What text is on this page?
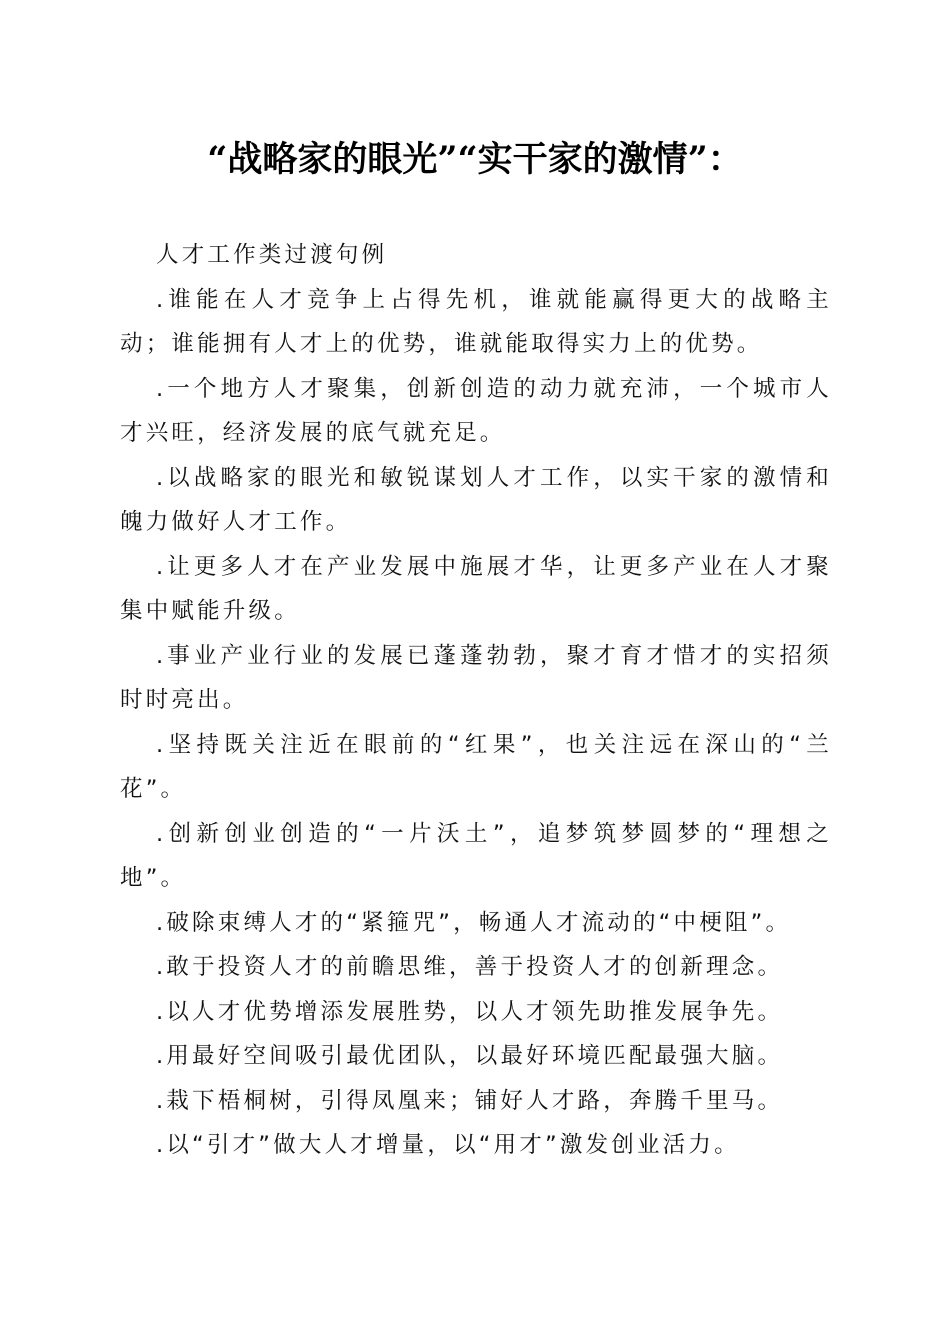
“战略家的眼光”“实干家的激情”：

人才工作类过渡句例

.谁能在人才竞争上占得先机，谁就能赢得更大的战略主动；谁能拥有人才上的优势，谁就能取得实力上的优势。

.一个地方人才聚集，创新创造的动力就充沛，一个城市人才兴旺，经济发展的底气就充足。

.以战略家的眼光和敏锐谋划人才工作，以实干家的激情和魄力做好人才工作。

.让更多人才在产业发展中施展才华，让更多产业在人才聚集中赋能升级。

.事业产业行业的发展已蓬蓬勃勃，聚才育才惜才的实招须时时亮出。

.坚持既关注近在眼前的“红果”，也关注远在深山的“兰花”。

.创新创业创造的“一片沃土”，追梦筑梦圆梦的“理想之地”。

.破除束缚人才的“紧箍咒”，畅通人才流动的“中梗阻”。

.敢于投资人才的前瞻思维，善于投资人才的创新理念。

.以人才优势增添发展胜势，以人才领先助推发展争先。

.用最好空间吸引最优团队，以最好环境匹配最强大脑。

.栽下梧桐树，引得凤凰来；铺好人才路，奔腾千里马。

.以“引才”做大人才增量，以“用才”激发创业活力。
